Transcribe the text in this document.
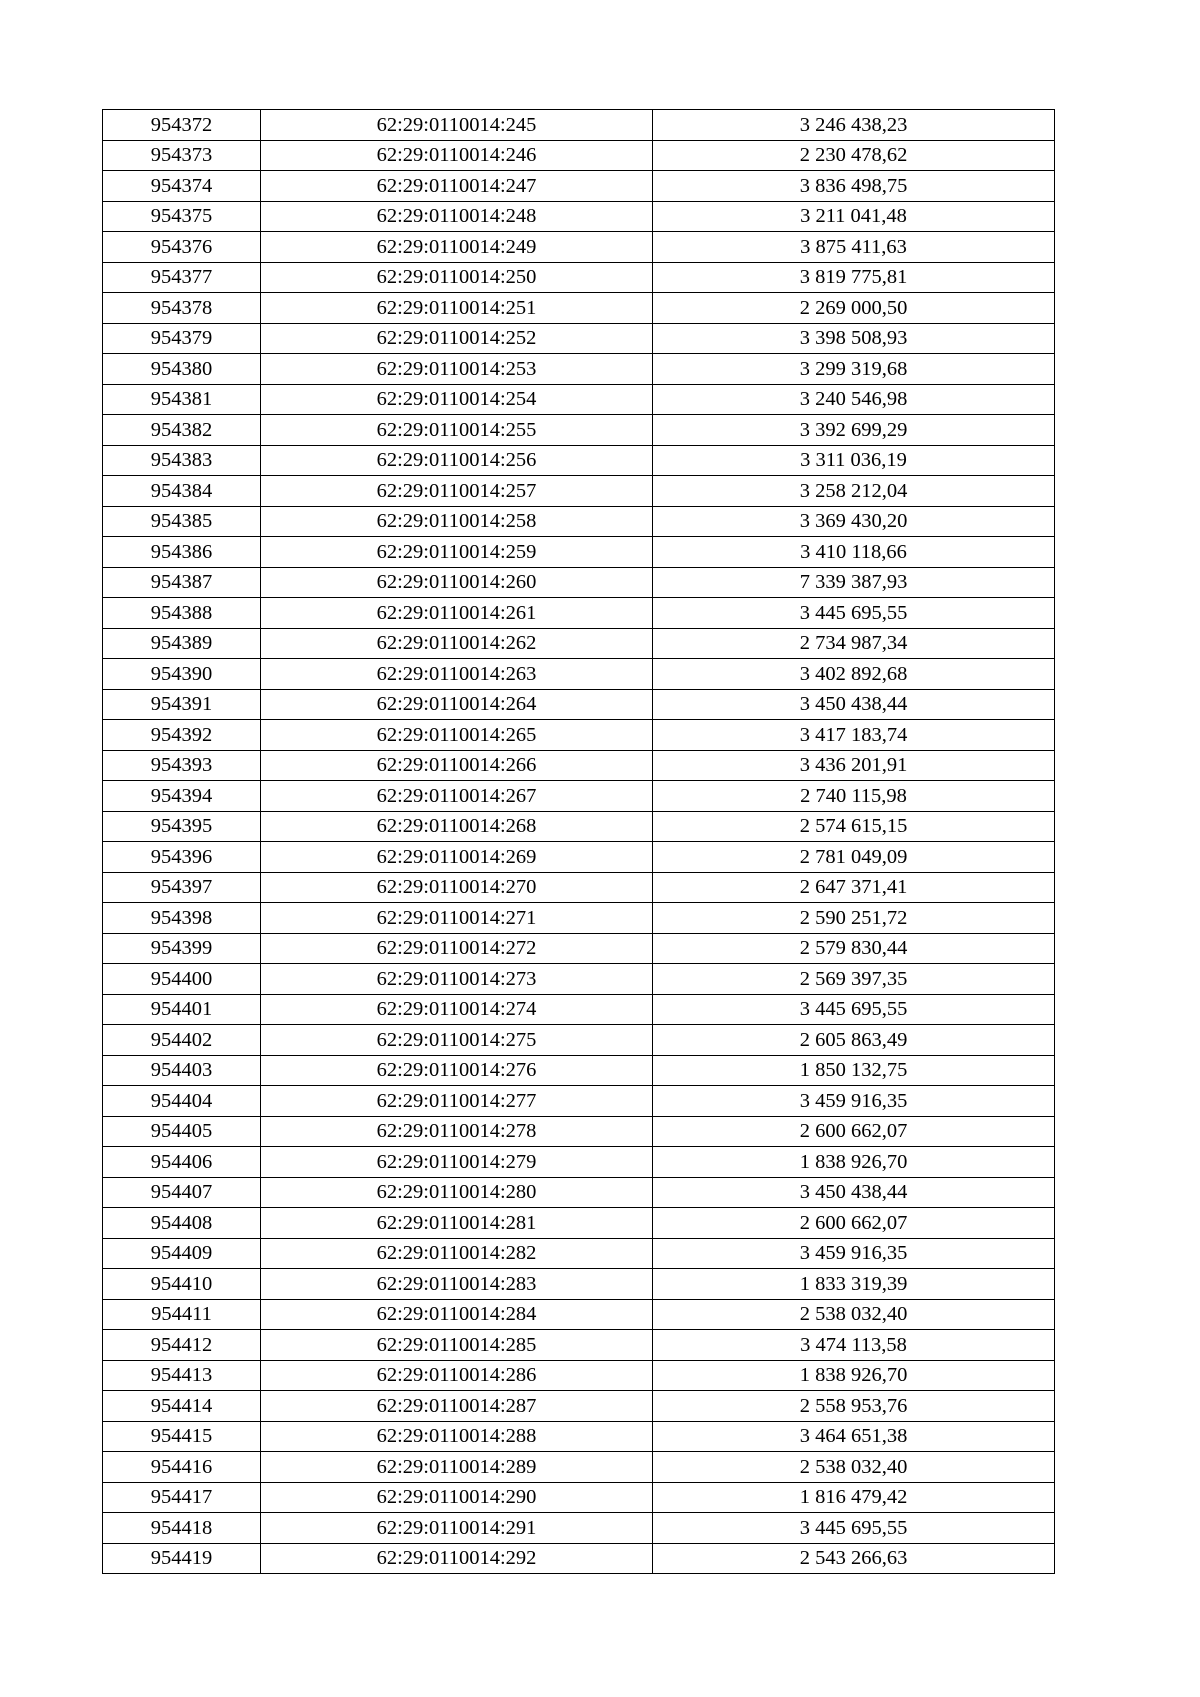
954372	62:29:0110014:245	3 246 438,23
954373	62:29:0110014:246	2 230 478,62
954374	62:29:0110014:247	3 836 498,75
954375	62:29:0110014:248	3 211 041,48
954376	62:29:0110014:249	3 875 411,63
954377	62:29:0110014:250	3 819 775,81
954378	62:29:0110014:251	2 269 000,50
954379	62:29:0110014:252	3 398 508,93
954380	62:29:0110014:253	3 299 319,68
954381	62:29:0110014:254	3 240 546,98
954382	62:29:0110014:255	3 392 699,29
954383	62:29:0110014:256	3 311 036,19
954384	62:29:0110014:257	3 258 212,04
954385	62:29:0110014:258	3 369 430,20
954386	62:29:0110014:259	3 410 118,66
954387	62:29:0110014:260	7 339 387,93
954388	62:29:0110014:261	3 445 695,55
954389	62:29:0110014:262	2 734 987,34
954390	62:29:0110014:263	3 402 892,68
954391	62:29:0110014:264	3 450 438,44
954392	62:29:0110014:265	3 417 183,74
954393	62:29:0110014:266	3 436 201,91
954394	62:29:0110014:267	2 740 115,98
954395	62:29:0110014:268	2 574 615,15
954396	62:29:0110014:269	2 781 049,09
954397	62:29:0110014:270	2 647 371,41
954398	62:29:0110014:271	2 590 251,72
954399	62:29:0110014:272	2 579 830,44
954400	62:29:0110014:273	2 569 397,35
954401	62:29:0110014:274	3 445 695,55
954402	62:29:0110014:275	2 605 863,49
954403	62:29:0110014:276	1 850 132,75
954404	62:29:0110014:277	3 459 916,35
954405	62:29:0110014:278	2 600 662,07
954406	62:29:0110014:279	1 838 926,70
954407	62:29:0110014:280	3 450 438,44
954408	62:29:0110014:281	2 600 662,07
954409	62:29:0110014:282	3 459 916,35
954410	62:29:0110014:283	1 833 319,39
954411	62:29:0110014:284	2 538 032,40
954412	62:29:0110014:285	3 474 113,58
954413	62:29:0110014:286	1 838 926,70
954414	62:29:0110014:287	2 558 953,76
954415	62:29:0110014:288	3 464 651,38
954416	62:29:0110014:289	2 538 032,40
954417	62:29:0110014:290	1 816 479,42
954418	62:29:0110014:291	3 445 695,55
954419	62:29:0110014:292	2 543 266,63
